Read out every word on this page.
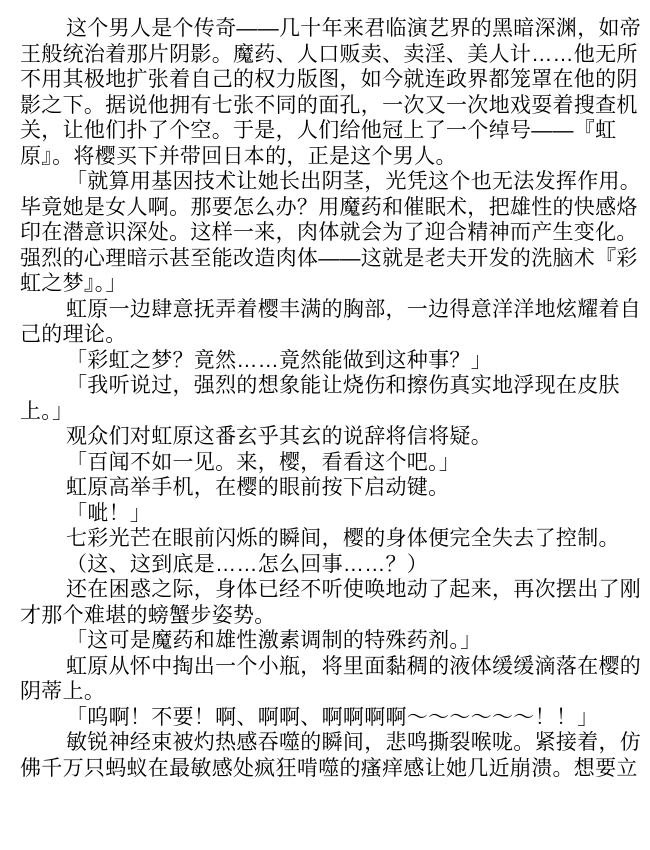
这个男人是个传奇——几十年来君临演艺界的黑暗深渊，如帝
王般统治着那片阴影。魔药、人口贩卖、卖淫、美人计……他无所
不用其极地扩张着自己的权力版图，如今就连政界都笼罩在他的阴
影之下。据说他拥有七张不同的面孔，一次又一次地戏耍着搜查机
关，让他们扑了个空。于是，人们给他冠上了一个绰号——『虹
原』。将樱买下并带回日本的，正是这个男人。
「就算用基因技术让她长出阴茎，光凭这个也无法发挥作用。
毕竟她是女人啊。那要怎么办？用魔药和催眠术，把雄性的快感烙
印在潜意识深处。这样一来，肉体就会为了迎合精神而产生变化。
强烈的心理暗示甚至能改造肉体——这就是老夫开发的洗脑术『彩
虹之梦』。」
虹原一边肆意抚弄着樱丰满的胸部，一边得意洋洋地炫耀着自
己的理论。
「彩虹之梦？竟然……竟然能做到这种事？」
「我听说过，强烈的想象能让烧伤和擦伤真实地浮现在皮肤
上。」
观众们对虹原这番玄乎其玄的说辞将信将疑。
「百闻不如一见。来，樱，看看这个吧。」
虹原高举手机，在樱的眼前按下启动键。
「呲！」
七彩光芒在眼前闪烁的瞬间，樱的身体便完全失去了控制。
（这、这到底是……怎么回事……？）
还在困惑之际，身体已经不听使唤地动了起来，再次摆出了刚
才那个难堪的螃蟹步姿势。
「这可是魔药和雄性激素调制的特殊药剂。」
虹原从怀中掏出一个小瓶，将里面黏稠的液体缓缓滴落在樱的
阴蒂上。
「呜啊！不要！啊、啊啊、啊啊啊啊～～～～～～！！」
敏锐神经束被灼热感吞噬的瞬间，悲鸣撕裂喉咙。紧接着，仿
佛千万只蚂蚁在最敏感处疯狂啃噬的瘙痒感让她几近崩溃。想要立
